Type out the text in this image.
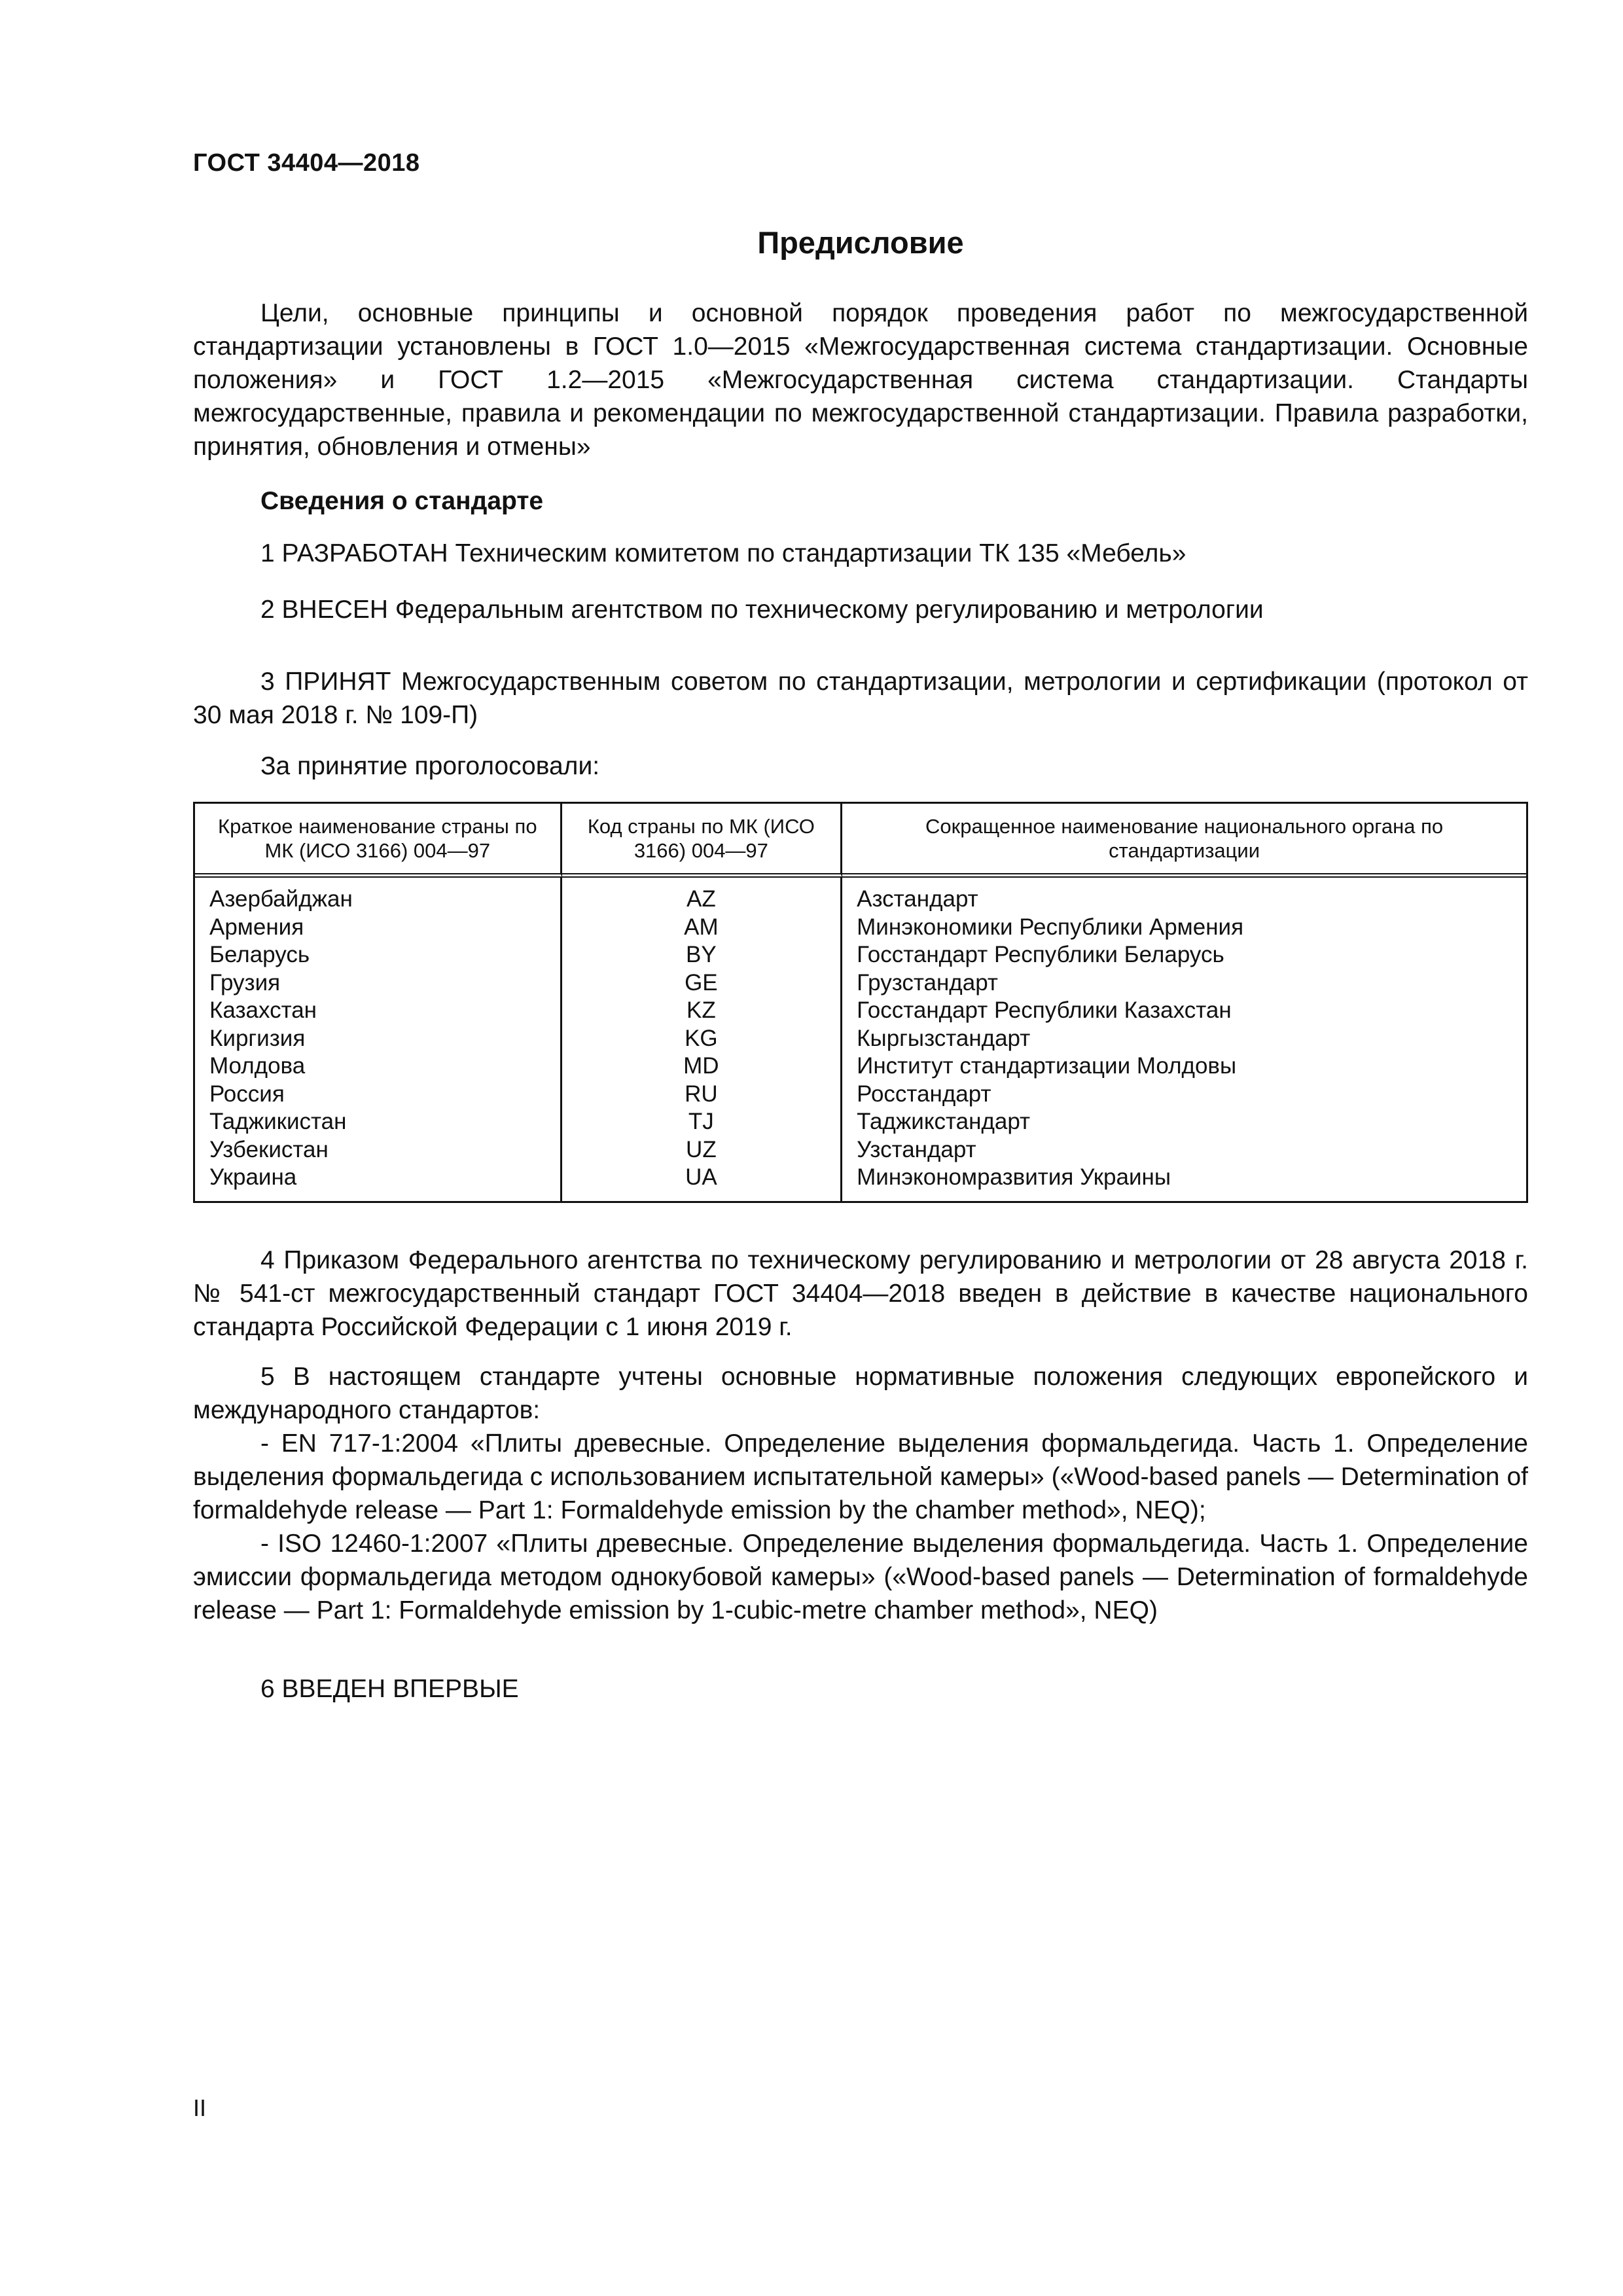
ГОСТ 34404—2018
Предисловие

Цели, основные принципы и основной порядок проведения работ по межгосударственной стандартизации установлены в ГОСТ 1.0—2015 «Межгосударственная система стандартизации. Основные положения» и ГОСТ 1.2—2015 «Межгосударственная система стандартизации. Стандарты межгосударственные, правила и рекомендации по межгосударственной стандартизации. Правила разработки, принятия, обновления и отмены»

Сведения о стандарте

1 РАЗРАБОТАН Техническим комитетом по стандартизации ТК 135 «Мебель»

2 ВНЕСЕН Федеральным агентством по техническому регулированию и метрологии

3 ПРИНЯТ Межгосударственным советом по стандартизации, метрологии и сертификации (протокол от 30 мая 2018 г. № 109-П)

За принятие проголосовали:

Краткое наименование страны по МК (ИСО 3166) 004—97	Код страны по МК (ИСО 3166) 004—97	Сокращенное наименование национального органа по стандартизации
Азербайджан	AZ	Азстандарт
Армения	AM	Минэкономики Республики Армения
Беларусь	BY	Госстандарт Республики Беларусь
Грузия	GE	Грузстандарт
Казахстан	KZ	Госстандарт Республики Казахстан
Киргизия	KG	Кыргызстандарт
Молдова	MD	Институт стандартизации Молдовы
Россия	RU	Росстандарт
Таджикистан	TJ	Таджикстандарт
Узбекистан	UZ	Узстандарт
Украина	UA	Минэкономразвития Украины

4 Приказом Федерального агентства по техническому регулированию и метрологии от 28 августа 2018 г. № 541-ст межгосударственный стандарт ГОСТ 34404—2018 введен в действие в качестве национального стандарта Российской Федерации с 1 июня 2019 г.

5 В настоящем стандарте учтены основные нормативные положения следующих европейского и международного стандартов:

- EN 717-1:2004 «Плиты древесные. Определение выделения формальдегида. Часть 1. Определение выделения формальдегида с использованием испытательной камеры» («Wood-based panels — Determination of formaldehyde release — Part 1: Formaldehyde emission by the chamber method», NEQ);

- ISO 12460-1:2007 «Плиты древесные. Определение выделения формальдегида. Часть 1. Определение эмиссии формальдегида методом однокубовой камеры» («Wood-based panels — Determination of formaldehyde release — Part 1: Formaldehyde emission by 1-cubic-metre chamber method», NEQ)

6 ВВЕДЕН ВПЕРВЫЕ

II
